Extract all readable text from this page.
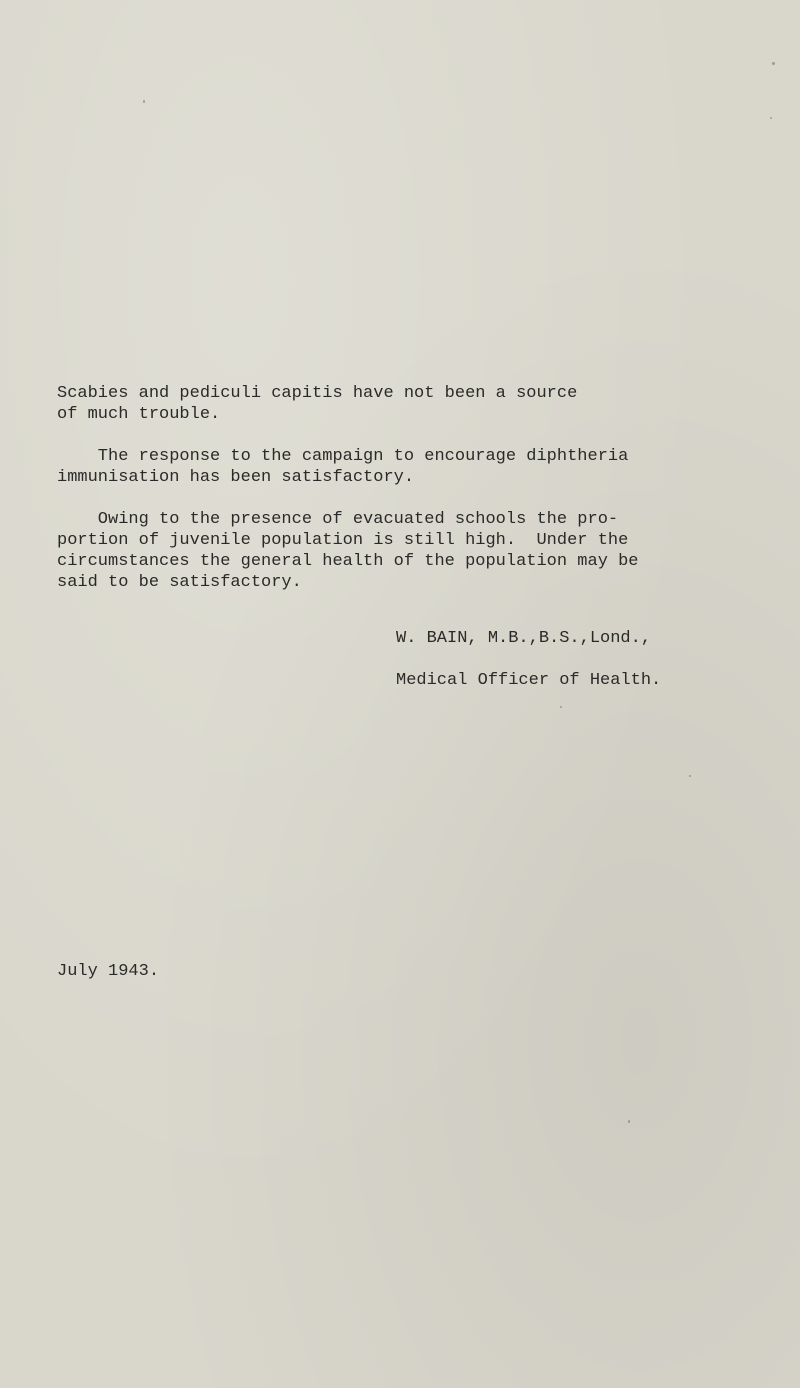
Scabies and pediculi capitis have not been a source
of much trouble.
The response to the campaign to encourage diphtheria
immunisation has been satisfactory.
Owing to the presence of evacuated schools the pro-
portion of juvenile population is still high.  Under the
circumstances the general health of the population may be
said to be satisfactory.

W. BAIN, M.B.,B.S.,Lond.,

Medical Officer of Health.

July 1943.
